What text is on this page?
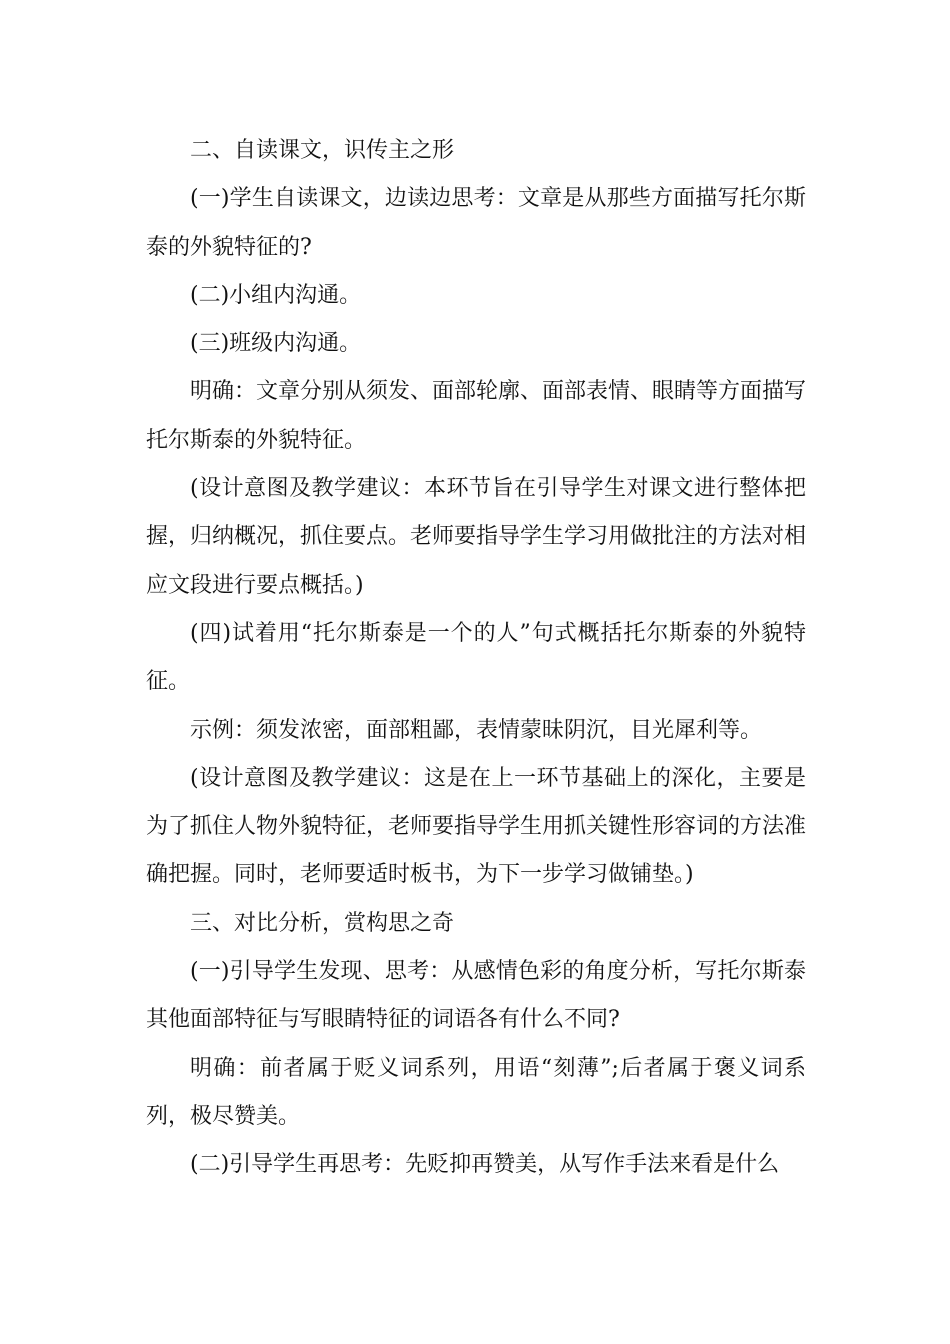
二、自读课文，识传主之形

(一)学生自读课文，边读边思考：文章是从那些方面描写托尔斯泰的外貌特征的?

(二)小组内沟通。

(三)班级内沟通。

明确：文章分别从须发、面部轮廓、面部表情、眼睛等方面描写托尔斯泰的外貌特征。

(设计意图及教学建议：本环节旨在引导学生对课文进行整体把握，归纳概况，抓住要点。老师要指导学生学习用做批注的方法对相应文段进行要点概括。)

(四)试着用“托尔斯泰是一个的人”句式概括托尔斯泰的外貌特征。

示例：须发浓密，面部粗鄙，表情蒙昧阴沉，目光犀利等。

(设计意图及教学建议：这是在上一环节基础上的深化，主要是为了抓住人物外貌特征，老师要指导学生用抓关键性形容词的方法准确把握。同时，老师要适时板书，为下一步学习做铺垫。)

三、对比分析，赏构思之奇

(一)引导学生发现、思考：从感情色彩的角度分析，写托尔斯泰其他面部特征与写眼睛特征的词语各有什么不同?

明确：前者属于贬义词系列，用语“刻薄”;后者属于褒义词系列，极尽赞美。

(二)引导学生再思考：先贬抑再赞美，从写作手法来看是什么
